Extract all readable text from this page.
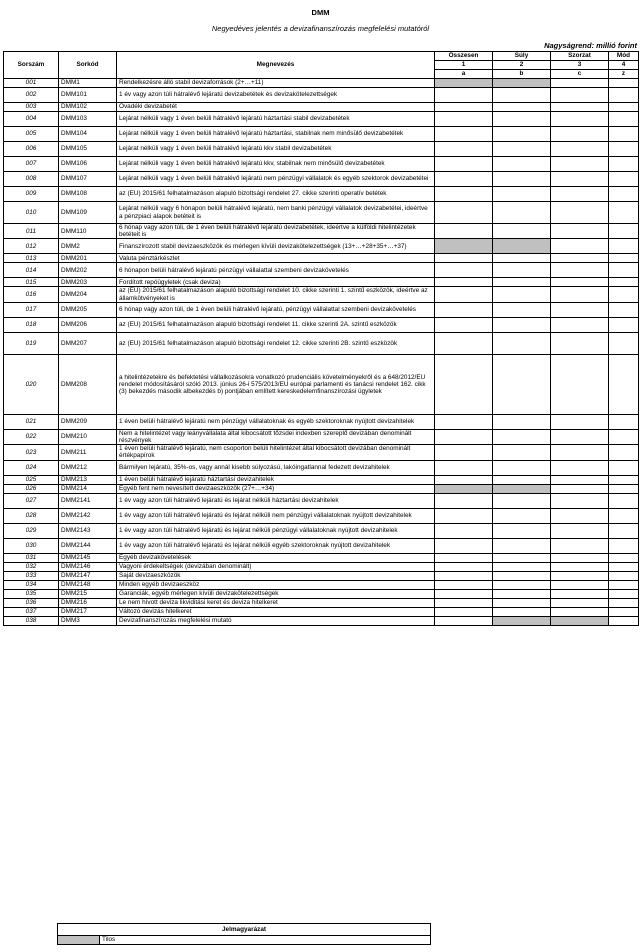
DMM
Negyedéves jelentés a devizafinanszírozás megfelelési mutatóról
Nagyságrend: millió forint
Sorszám	Sorkód	Megnevezés	Összesen	Súly	Szorzat	Mód
			1	2	3	4
			a	b	c	z
001	DMM1	Rendelkezésre álló stabil devizaforrások (2+…+11)				
002	DMM101	1 év vagy azon túli hátralévő lejáratú devizabetétek és devizakötelezettségek				
003	DMM102	Óvadéki devizabetét				
004	DMM103	Lejárat nélküli vagy 1 éven belüli hátralévő lejáratú háztartási stabil devizabetétek				
005	DMM104	Lejárat nélküli vagy 1 éven belüli hátralévő lejáratú háztartási, stabilnak nem minősülő devizabetétek				
006	DMM105	Lejárat nélküli vagy 1 éven belüli hátralévő lejáratú kkv stabil devizabetétek				
007	DMM106	Lejárat nélküli vagy 1 éven belüli hátralévő lejáratú kkv, stabilnak nem minősülő devizabetétek				
008	DMM107	Lejárat nélküli vagy 1 éven belüli hátralévő lejáratú nem pénzügyi vállalatok és egyéb szektorok devizabetétei				
009	DMM108	az (EU) 2015/61 felhatalmazáson alapuló bizottsági rendelet 27. cikke szerinti operatív betétek				
010	DMM109	Lejárat nélküli vagy 6 hónapon belüli hátralévő lejáratú, nem banki pénzügyi vállalatok devizabetétei, ideértve a pénzpiaci alapok betéteit is				
011	DMM110	6 hónap vagy azon túli, de 1 éven belüli hátralévő lejáratú devizabetétek, ideértve a külföldi hitelintézetek betéteit is				
012	DMM2	Finanszírozott stabil devizaeszközök és mérlegen kívüli devizakötelezettségek (13+…+28+35+…+37)				
013	DMM201	Valuta pénztárkészlet				
014	DMM202	6 hónapon belüli hátralévő lejáratú pénzügyi vállalattal szembeni devizakövetelés				
015	DMM203	Fordított repóügyletek (csak deviza)				
016	DMM204	az (EU) 2015/61 felhatalmazáson alapuló bizottsági rendelet 10. cikke szerinti 1. szintű eszközök, ideértve az államkötvényeket is				
017	DMM205	6 hónap vagy azon túli, de 1 éven belüli hátralévő lejáratú, pénzügyi vállalattal szembeni devizakövetelés				
018	DMM206	az (EU) 2015/61 felhatalmazáson alapuló bizottsági rendelet 11. cikke szerinti 2A. szintű eszközök				
019	DMM207	az (EU) 2015/61 felhatalmazáson alapuló bizottsági rendelet 12. cikke szerinti 2B. szintű eszközök				
020	DMM208	a hitelintézetekre és befektetési vállalkozásokra vonatkozó prudenciális követelményekről és a 648/2012/EU rendelet módosításáról szóló 2013. június 26-i 575/2013/EU európai parlamenti és tanácsi rendelet 162. cikk (3) bekezdés második albekezdés b) pontjában említett kereskedelemfinanszírozási ügyletek				
021	DMM209	1 éven belüli hátralévő lejáratú nem pénzügyi vállalatoknak és egyéb szektoroknak nyújtott devizahitelek				
022	DMM210	Nem a hitelintézet vagy leányvállalata által kibocsátott tőzsdei indexben szereplő devizában denominált részvények				
023	DMM211	1 éven belüli hátralévő lejáratú, nem csoporton belüli hitelintézet által kibocsátott devizában denominált értékpapírok				
024	DMM212	Bármilyen lejáratú, 35%-os, vagy annál kisebb súlyozású, lakóingatlannal fedezett devizahitelek				
025	DMM213	1 éven belüli hátralévő lejáratú háztartási devizahitelek				
026	DMM214	Egyéb fent nem nevesített devizaeszközök (27+…+34)				
027	DMM2141	1 év vagy azon túli hátralévő lejáratú és lejárat nélküli háztartási devizahitelek				
028	DMM2142	1 év vagy azon túli hátralévő lejáratú és lejárat nélküli nem pénzügyi vállalatoknak nyújtott devizahitelek				
029	DMM2143	1 év vagy azon túli hátralévő lejáratú és lejárat nélküli pénzügyi vállalatoknak nyújtott devizahitelek				
030	DMM2144	1 év vagy azon túli hátralévő lejáratú és lejárat nélküli egyéb szektoroknak nyújtott devizahitelek				
031	DMM2145	Egyéb devizakövetelések				
032	DMM2146	Vagyoni érdekeltségek (devizában denominált)				
033	DMM2147	Saját devizaeszközök				
034	DMM2148	Minden egyéb devizaeszköz				
035	DMM215	Garanciák, egyéb mérlegen kívüli devizakötelezettségek				
036	DMM216	Le nem hívott deviza likviditási keret és deviza hitelkeret				
037	DMM217	Változó devizás hitelkeret				
038	DMM3	Devizafinanszírozás megfelelési mutató				
Jelmagyarázat
	Tilos
